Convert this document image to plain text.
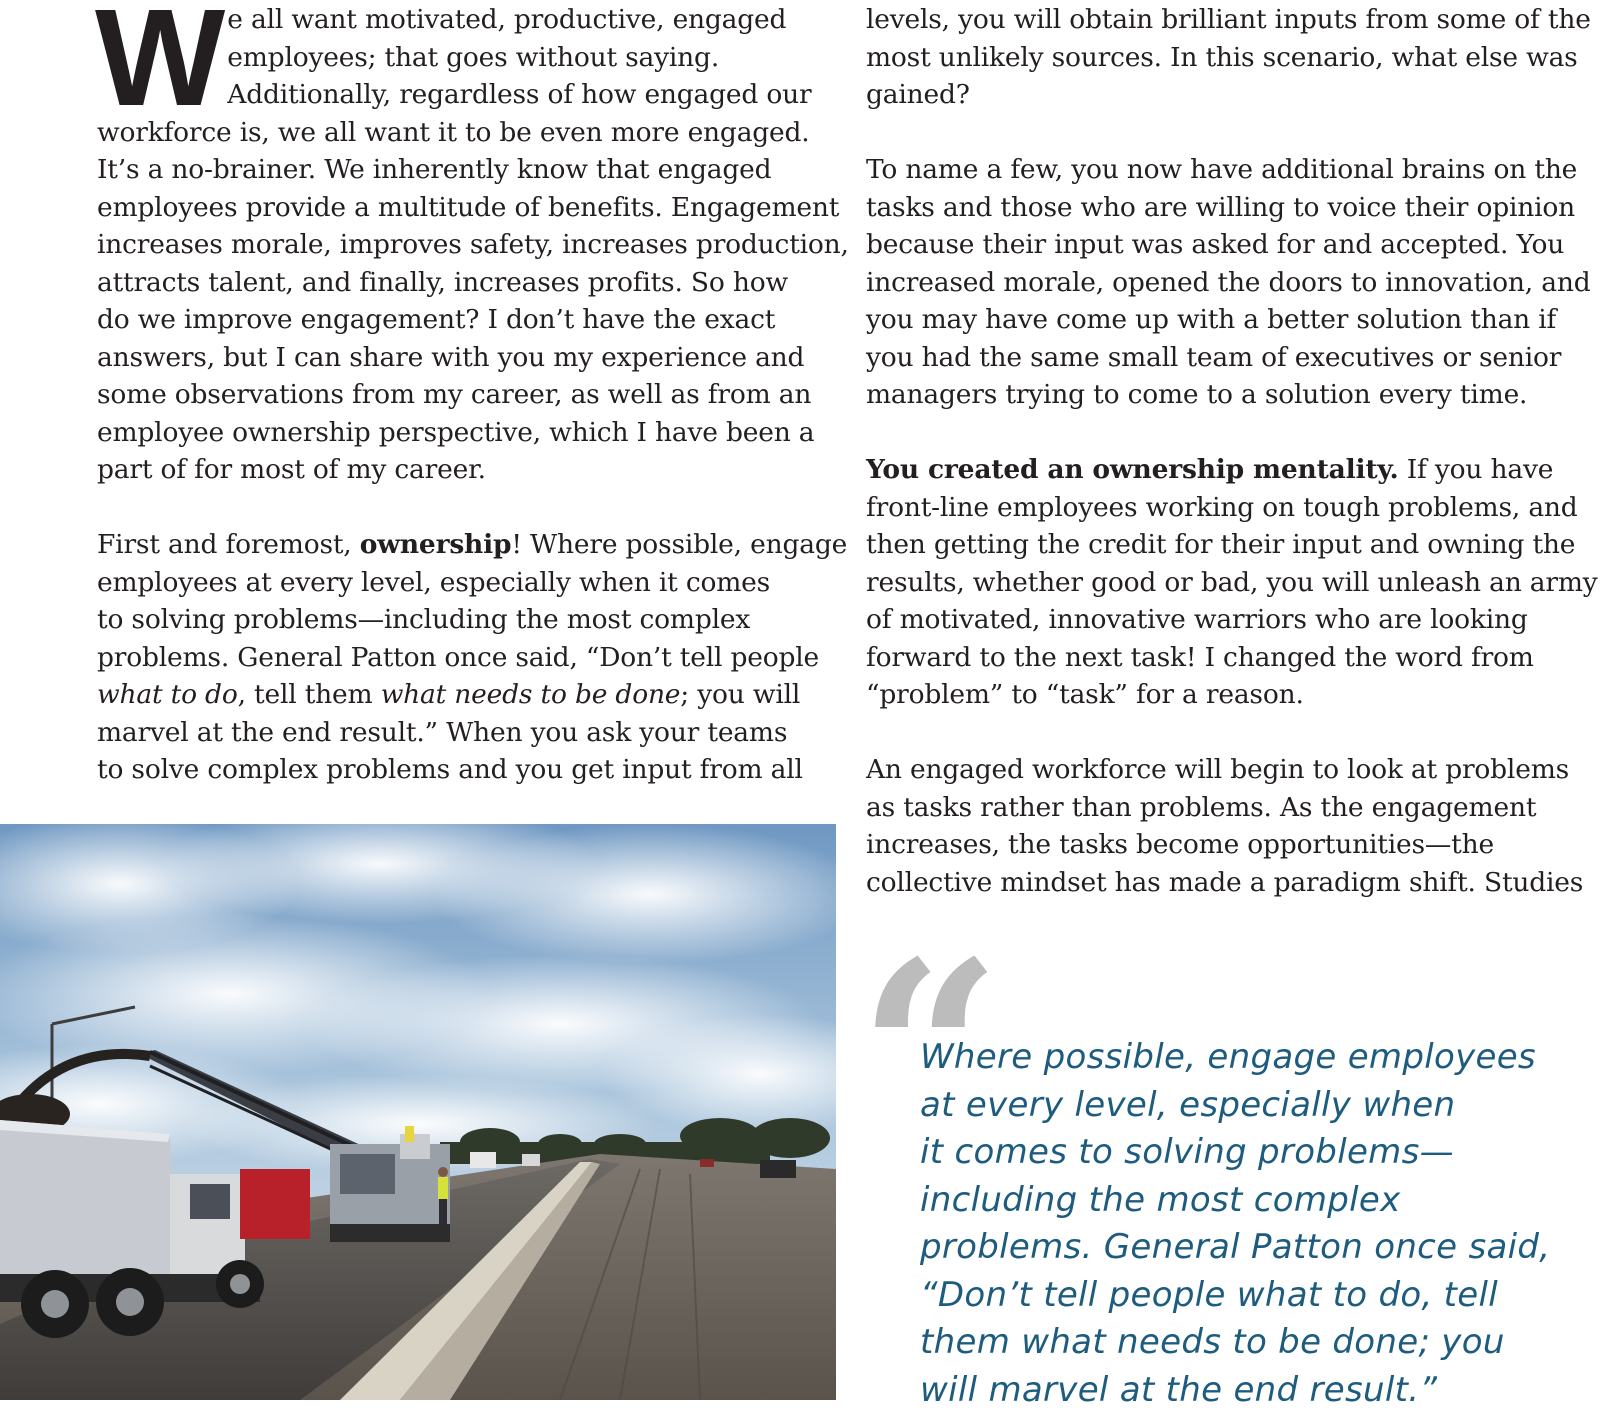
W e all want motivated, productive, engaged
employees; that goes without saying.
Additionally, regardless of how engaged our
workforce is, we all want it to be even more engaged.
It’s a no-brainer. We inherently know that engaged
employees provide a multitude of benefits. Engagement
increases morale, improves safety, increases production,
attracts talent, and finally, increases profits. So how
do we improve engagement? I don’t have the exact
answers, but I can share with you my experience and
some observations from my career, as well as from an
employee ownership perspective, which I have been a
part of for most of my career.

First and foremost, ownership! Where possible, engage
employees at every level, especially when it comes
to solving problems—including the most complex
problems. General Patton once said, “Don’t tell people
what to do, tell them what needs to be done; you will
marvel at the end result.” When you ask your teams
to solve complex problems and you get input from all

levels, you will obtain brilliant inputs from some of the
most unlikely sources. In this scenario, what else was
gained?

To name a few, you now have additional brains on the
tasks and those who are willing to voice their opinion
because their input was asked for and accepted. You
increased morale, opened the doors to innovation, and
you may have come up with a better solution than if
you had the same small team of executives or senior
managers trying to come to a solution every time.

You created an ownership mentality. If you have
front-line employees working on tough problems, and
then getting the credit for their input and owning the
results, whether good or bad, you will unleash an army
of motivated, innovative warriors who are looking
forward to the next task! I changed the word from
“problem” to “task” for a reason.

An engaged workforce will begin to look at problems
as tasks rather than problems. As the engagement
increases, the tasks become opportunities—the
collective mindset has made a paradigm shift. Studies

“
Where possible, engage employees
at every level, especially when
it comes to solving problems—
including the most complex
problems. General Patton once said,
“Don’t tell people what to do, tell
them what needs to be done; you
will marvel at the end result.”
